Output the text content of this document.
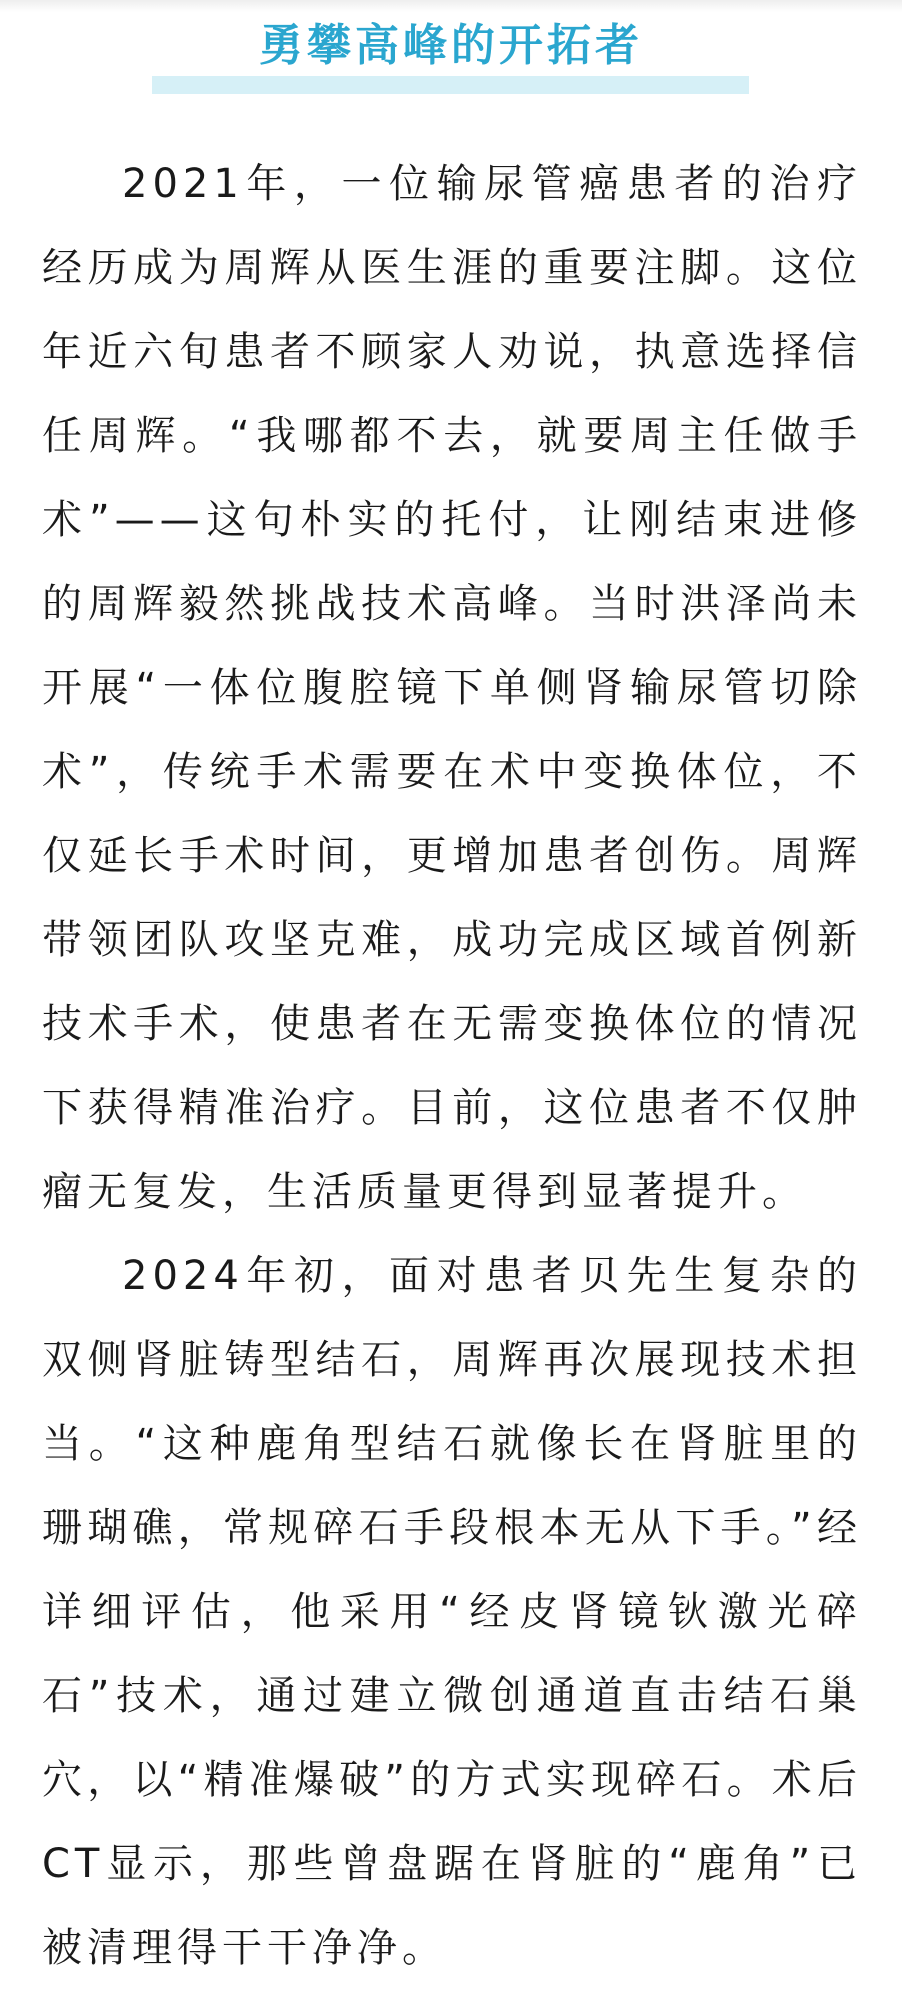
勇攀高峰的开拓者

2021年，一位输尿管癌患者的治疗经历成为周辉从医生涯的重要注脚。这位年近六旬患者不顾家人劝说，执意选择信任周辉。“我哪都不去，就要周主任做手术”——这句朴实的托付，让刚结束进修的周辉毅然挑战技术高峰。当时洪泽尚未开展“一体位腹腔镜下单侧肾输尿管切除术”，传统手术需要在术中变换体位，不仅延长手术时间，更增加患者创伤。周辉带领团队攻坚克难，成功完成区域首例新技术手术，使患者在无需变换体位的情况下获得精准治疗。目前，这位患者不仅肿瘤无复发，生活质量更得到显著提升。

2024年初，面对患者贝先生复杂的双侧肾脏铸型结石，周辉再次展现技术担当。“这种鹿角型结石就像长在肾脏里的珊瑚礁，常规碎石手段根本无从下手。”经详细评估，他采用“经皮肾镜钬激光碎石”技术，通过建立微创通道直击结石巢穴，以“精准爆破”的方式实现碎石。术后CT显示，那些曾盘踞在肾脏的“鹿角”已被清理得干干净净。
